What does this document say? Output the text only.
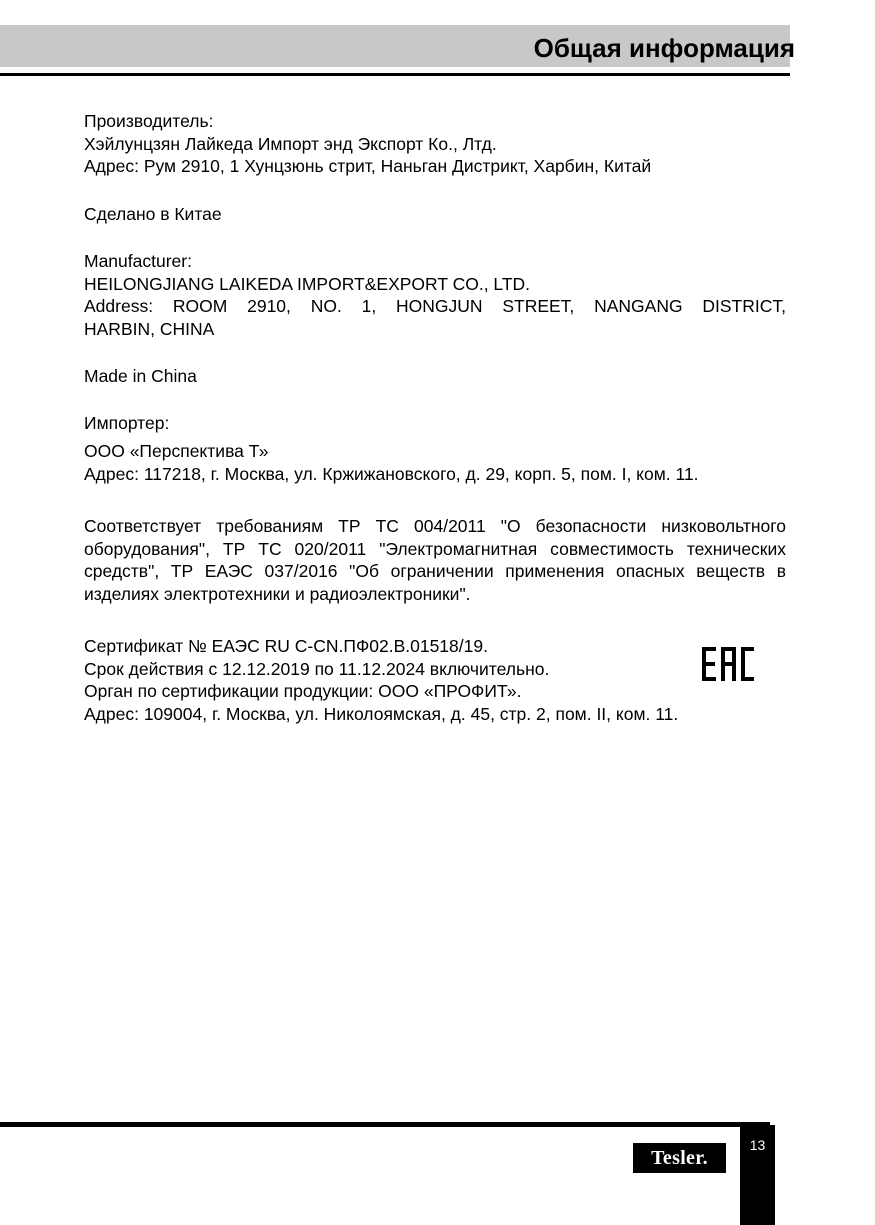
Общая информация

Производитель:

Хэйлунцзян Лайкеда Импорт энд Экспорт Ко., Лтд.

Адрес: Рум 2910, 1 Хунцзюнь стрит, Наньган Дистрикт, Харбин, Китай

Сделано в Китае

Manufacturer:

HEILONGJIANG LAIKEDA IMPORT&EXPORT CO., LTD.

Address: ROOM 2910, NO. 1, HONGJUN STREET, NANGANG DISTRICT,

HARBIN, CHINA

Made in China

Импортер:

ООО «Перспектива Т»

Адрес: 117218, г. Москва, ул. Кржижановского, д. 29, корп. 5, пом. I, ком. 11.

Соответствует требованиям ТР ТС 004/2011 "О безопасности низковольтного оборудования", ТР ТС 020/2011 "Электромагнитная совместимость технических средств", ТР ЕАЭС 037/2016 "Об ограничении применения опасных веществ в изделиях электротехники и радиоэлектроники".

Сертификат № ЕАЭС RU C-CN.ПФ02.В.01518/19.

Срок действия с 12.12.2019 по 11.12.2024 включительно.

Орган по сертификации продукции: ООО «ПРОФИТ».

Адрес: 109004, г. Москва, ул. Николоямская, д. 45, стр. 2, пом. II, ком. 11.

Tesler.
13
